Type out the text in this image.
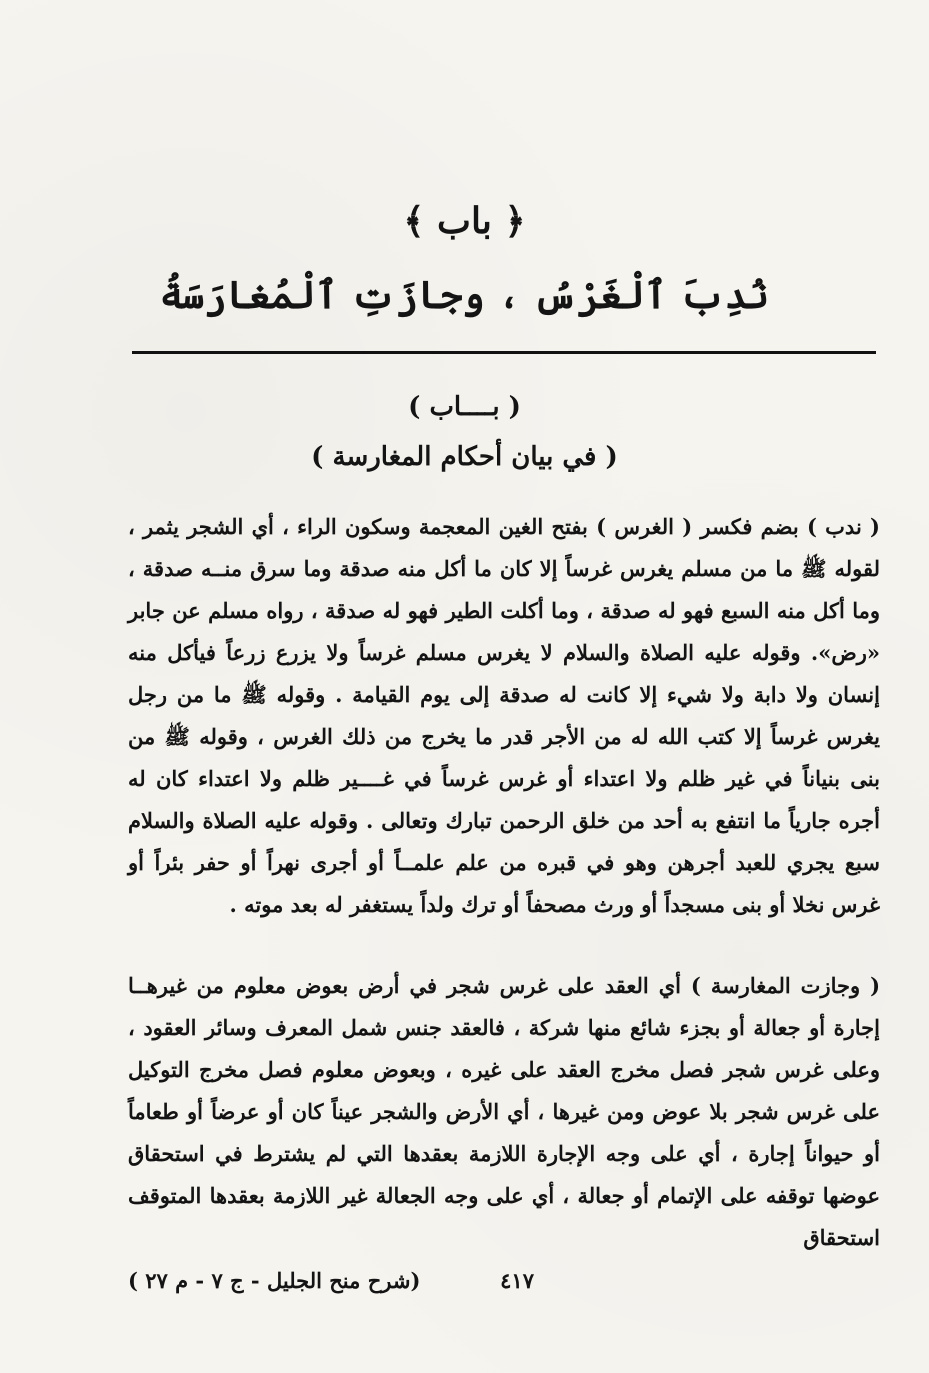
﴿ باب ﴾
نُدِبَ ٱلْغَرْسُ ، وجازَتِ ٱلْمُغارَسَةُ
( بــــاب )
( في بيان أحكام المغارسة )
( ندب ) بضم فكسر ( الغرس ) بفتح الغين المعجمة وسكون الراء ، أي الشجر يثمر ، لقوله ﷺ ما من مسلم يغرس غرساً إلا كان ما أكل منه صدقة وما سرق منــه صدقة ، وما أكل منه السبع فهو له صدقة ، وما أكلت الطير فهو له صدقة ، رواه مسلم عن جابر «رض». وقوله عليه الصلاة والسلام لا يغرس مسلم غرساً ولا يزرع زرعاً فيأكل منه إنسان ولا دابة ولا شيء إلا كانت له صدقة إلى يوم القيامة . وقوله ﷺ ما من رجل يغرس غرساً إلا كتب الله له من الأجر قدر ما يخرج من ذلك الغرس ، وقوله ﷺ من بنى بنياناً في غير ظلم ولا اعتداء أو غرس غرساً في غــــير ظلم ولا اعتداء كان له أجره جارياً ما انتفع به أحد من خلق الرحمن تبارك وتعالى . وقوله عليه الصلاة والسلام سبع يجري للعبد أجرهن وهو في قبره من علم علمــاً أو أجرى نهراً أو حفر بئراً أو غرس نخلا أو بنى مسجداً أو ورث مصحفاً أو ترك ولداً يستغفر له بعد موته .
( وجازت المغارسة ) أي العقد على غرس شجر في أرض بعوض معلوم من غيرهــا إجارة أو جعالة أو بجزء شائع منها شركة ، فالعقد جنس شمل المعرف وسائر العقود ، وعلى غرس شجر فصل مخرج العقد على غيره ، وبعوض معلوم فصل مخرج التوكيل على غرس شجر بلا عوض ومن غيرها ، أي الأرض والشجر عيناً كان أو عرضاً أو طعاماً أو حيواناً إجارة ، أي على وجه الإجارة اللازمة بعقدها التي لم يشترط في استحقاق عوضها توقفه على الإتمام أو جعالة ، أي على وجه الجعالة غير اللازمة بعقدها المتوقف استحقاق
٤١٧
(شرح منح الجليل - ج ٧ - م ٢٧ )
